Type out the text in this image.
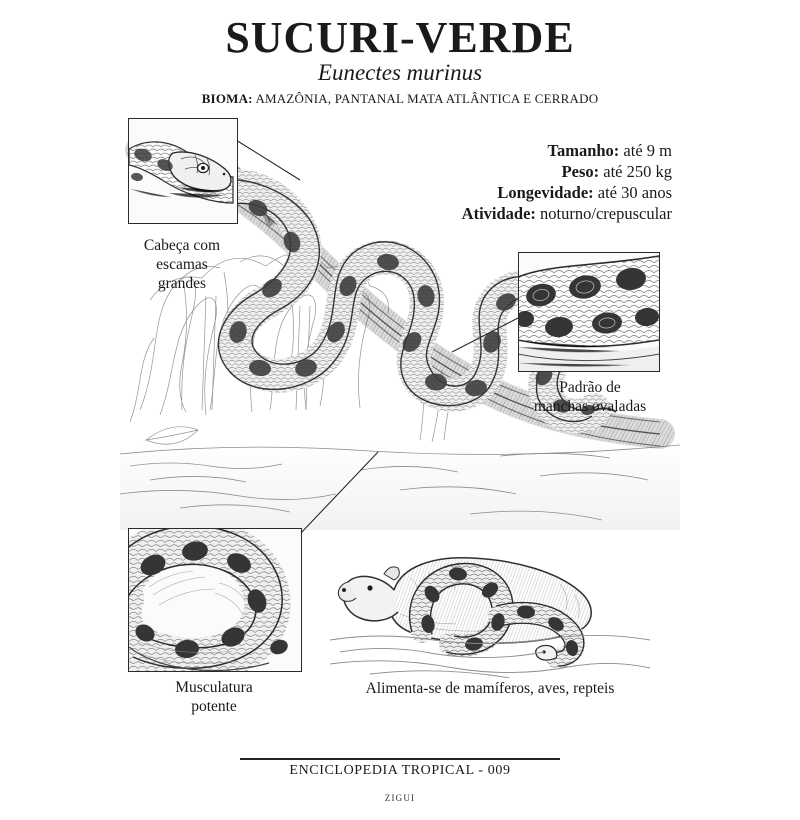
SUCURI-VERDE
Eunectes murinus
BIOMA: AMAZÔNIA, PANTANAL MATA ATLÂNTICA E CERRADO
Tamanho: até 9 m
Peso: até 250 kg
Longevidade: até 30 anos
Atividade: noturno/crepuscular
Cabeça com
escamas
grandes
Padrão de
manchas ovaladas
Musculatura
potente
Alimenta-se de mamíferos, aves, repteis
ENCICLOPEDIA TROPICAL - 009
ZIGUI
